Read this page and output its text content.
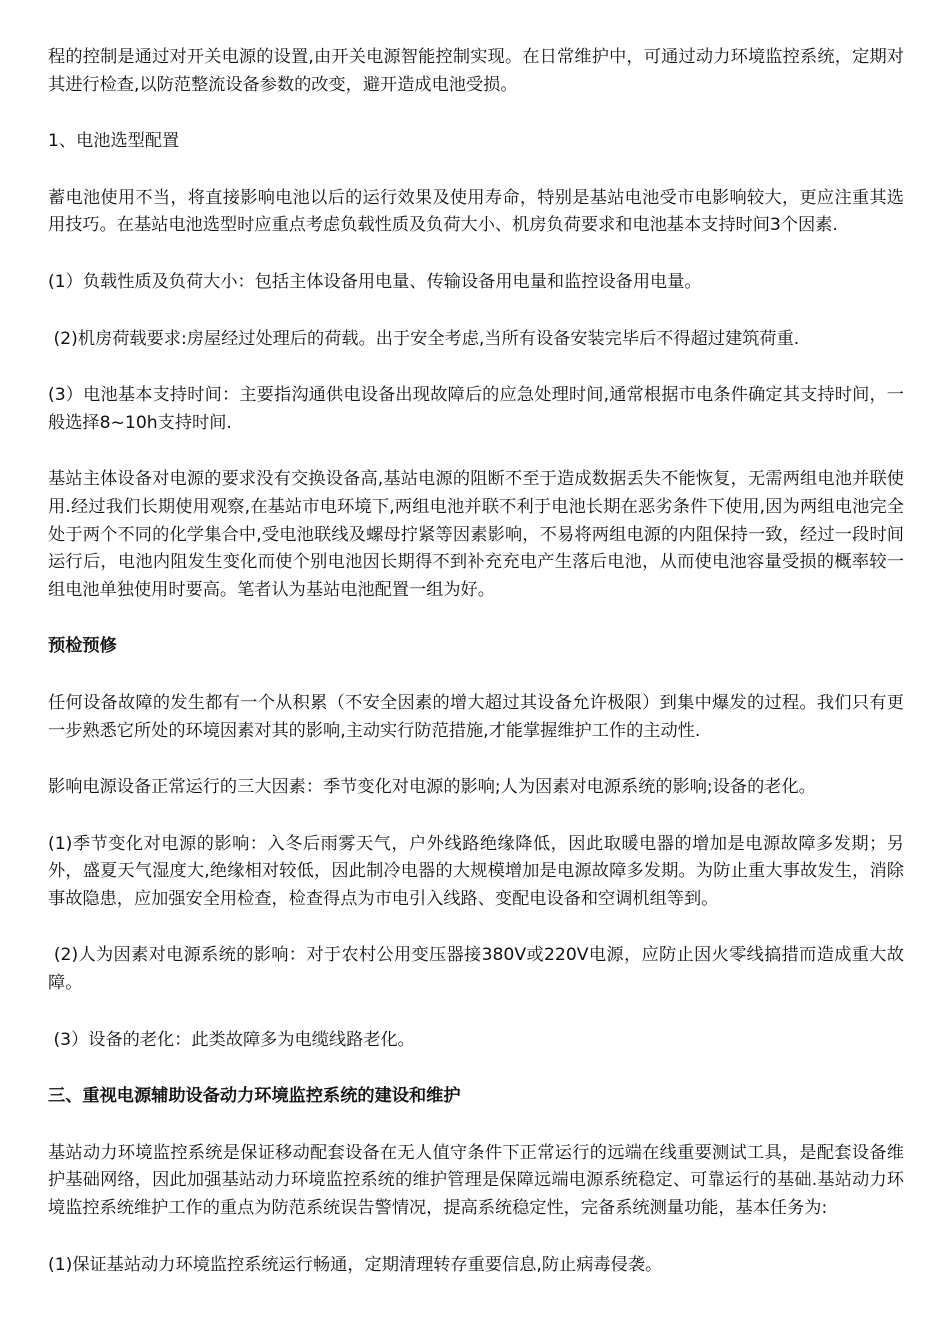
程的控制是通过对开关电源的设置,由开关电源智能控制实现。在日常维护中，可通过动力环境监控系统，定期对其进行检查,以防范整流设备参数的改变，避开造成电池受损。

1、电池选型配置

蓄电池使用不当，将直接影响电池以后的运行效果及使用寿命，特别是基站电池受市电影响较大，更应注重其选用技巧。在基站电池选型时应重点考虑负载性质及负荷大小、机房负荷要求和电池基本支持时间3个因素.

(1）负载性质及负荷大小：包括主体设备用电量、传输设备用电量和监控设备用电量。

(2)机房荷载要求:房屋经过处理后的荷载。出于安全考虑,当所有设备安装完毕后不得超过建筑荷重.

(3）电池基本支持时间：主要指沟通供电设备出现故障后的应急处理时间,通常根据市电条件确定其支持时间，一般选择8~10h支持时间.

基站主体设备对电源的要求没有交换设备高,基站电源的阻断不至于造成数据丢失不能恢复，无需两组电池并联使用.经过我们长期使用观察,在基站市电环境下,两组电池并联不利于电池长期在恶劣条件下使用,因为两组电池完全处于两个不同的化学集合中,受电池联线及螺母拧紧等因素影响，不易将两组电源的内阻保持一致，经过一段时间运行后，电池内阻发生变化而使个别电池因长期得不到补充充电产生落后电池，从而使电池容量受损的概率较一组电池单独使用时要高。笔者认为基站电池配置一组为好。

预检预修

任何设备故障的发生都有一个从积累（不安全因素的增大超过其设备允许极限）到集中爆发的过程。我们只有更一步熟悉它所处的环境因素对其的影响,主动实行防范措施,才能掌握维护工作的主动性.

影响电源设备正常运行的三大因素：季节变化对电源的影响;人为因素对电源系统的影响;设备的老化。

(1)季节变化对电源的影响：入冬后雨雾天气，户外线路绝缘降低，因此取暖电器的增加是电源故障多发期；另外，盛夏天气湿度大,绝缘相对较低，因此制冷电器的大规模增加是电源故障多发期。为防止重大事故发生，消除事故隐患，应加强安全用检查，检查得点为市电引入线路、变配电设备和空调机组等到。

(2)人为因素对电源系统的影响：对于农村公用变压器接380V或220V电源，应防止因火零线搞措而造成重大故障。

(3）设备的老化：此类故障多为电缆线路老化。

三、重视电源辅助设备动力环境监控系统的建设和维护

基站动力环境监控系统是保证移动配套设备在无人值守条件下正常运行的远端在线重要测试工具，是配套设备维护基础网络，因此加强基站动力环境监控系统的维护管理是保障远端电源系统稳定、可靠运行的基础.基站动力环境监控系统维护工作的重点为防范系统误告警情况，提高系统稳定性，完备系统测量功能，基本任务为:

(1)保证基站动力环境监控系统运行畅通，定期清理转存重要信息,防止病毒侵袭。
